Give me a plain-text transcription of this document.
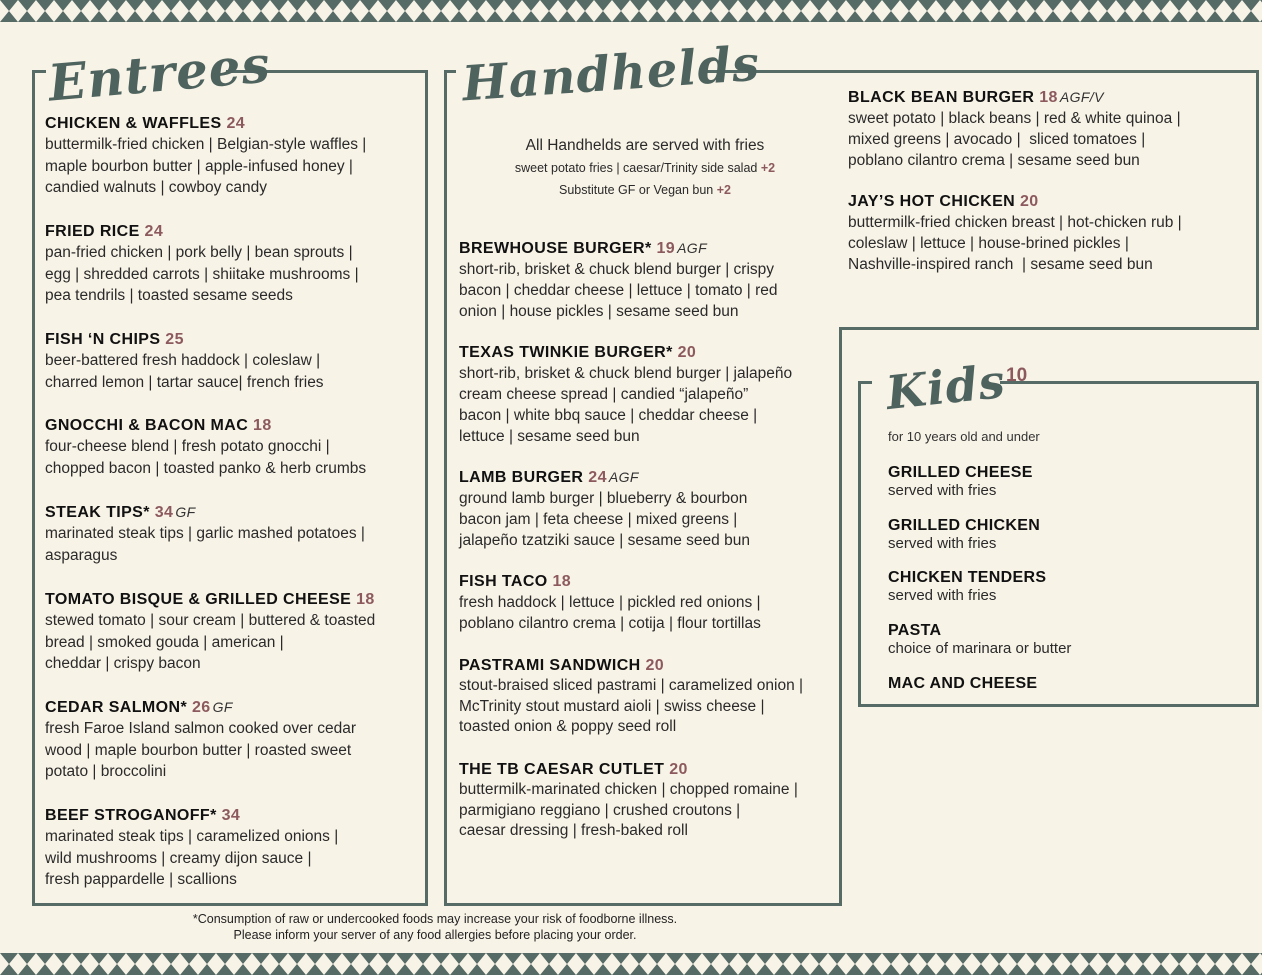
Entrees	Handhelds
Kids
10
for 10 years old and under
All Handhelds are served with fries
sweet potato fries | caesar/Trinity side salad +2
Substitute GF or Vegan bun +2
CHICKEN & WAFFLES 24
buttermilk-fried chicken | Belgian-style waffles |
maple bourbon butter | apple-infused honey |
candied walnuts | cowboy candy
FRIED RICE 24
pan-fried chicken | pork belly | bean sprouts |
egg | shredded carrots | shiitake mushrooms |
pea tendrils | toasted sesame seeds
FISH ‘N CHIPS 25
beer-battered fresh haddock | coleslaw |
charred lemon | tartar sauce| french fries
GNOCCHI & BACON MAC 18
four-cheese blend | fresh potato gnocchi |
chopped bacon | toasted panko & herb crumbs
STEAK TIPS* 34 GF
marinated steak tips | garlic mashed potatoes |
asparagus
TOMATO BISQUE & GRILLED CHEESE 18
stewed tomato | sour cream | buttered & toasted
bread | smoked gouda | american |
cheddar | crispy bacon
CEDAR SALMON* 26 GF
fresh Faroe Island salmon cooked over cedar
wood | maple bourbon butter | roasted sweet
potato | broccolini
BEEF STROGANOFF* 34
marinated steak tips | caramelized onions |
wild mushrooms | creamy dijon sauce |
fresh pappardelle | scallions
BREWHOUSE BURGER* 19 AGF
short-rib, brisket & chuck blend burger | crispy
bacon | cheddar cheese | lettuce | tomato | red
onion | house pickles | sesame seed bun
TEXAS TWINKIE BURGER* 20
short-rib, brisket & chuck blend burger | jalapeño
cream cheese spread | candied “jalapeño”
bacon | white bbq sauce | cheddar cheese |
lettuce | sesame seed bun
LAMB BURGER 24 AGF
ground lamb burger | blueberry & bourbon
bacon jam | feta cheese | mixed greens |
jalapeño tzatziki sauce | sesame seed bun
FISH TACO 18
fresh haddock | lettuce | pickled red onions |
poblano cilantro crema | cotija | flour tortillas
PASTRAMI SANDWICH 20
stout-braised sliced pastrami | caramelized onion |
McTrinity stout mustard aioli | swiss cheese |
toasted onion & poppy seed roll
THE TB CAESAR CUTLET 20
buttermilk-marinated chicken | chopped romaine |
parmigiano reggiano | crushed croutons |
caesar dressing | fresh-baked roll
BLACK BEAN BURGER 18 AGF/V
sweet potato | black beans | red & white quinoa |
mixed greens | avocado |  sliced tomatoes |
poblano cilantro crema | sesame seed bun
JAY’S HOT CHICKEN 20
buttermilk-fried chicken breast | hot-chicken rub |
coleslaw | lettuce | house-brined pickles |
Nashville-inspired ranch  | sesame seed bun
GRILLED CHEESE
served with fries
GRILLED CHICKEN
served with fries
CHICKEN TENDERS
served with fries
PASTA
choice of marinara or butter
MAC AND CHEESE
*Consumption of raw or undercooked foods may increase your risk of foodborne illness.
Please inform your server of any food allergies before placing your order.
